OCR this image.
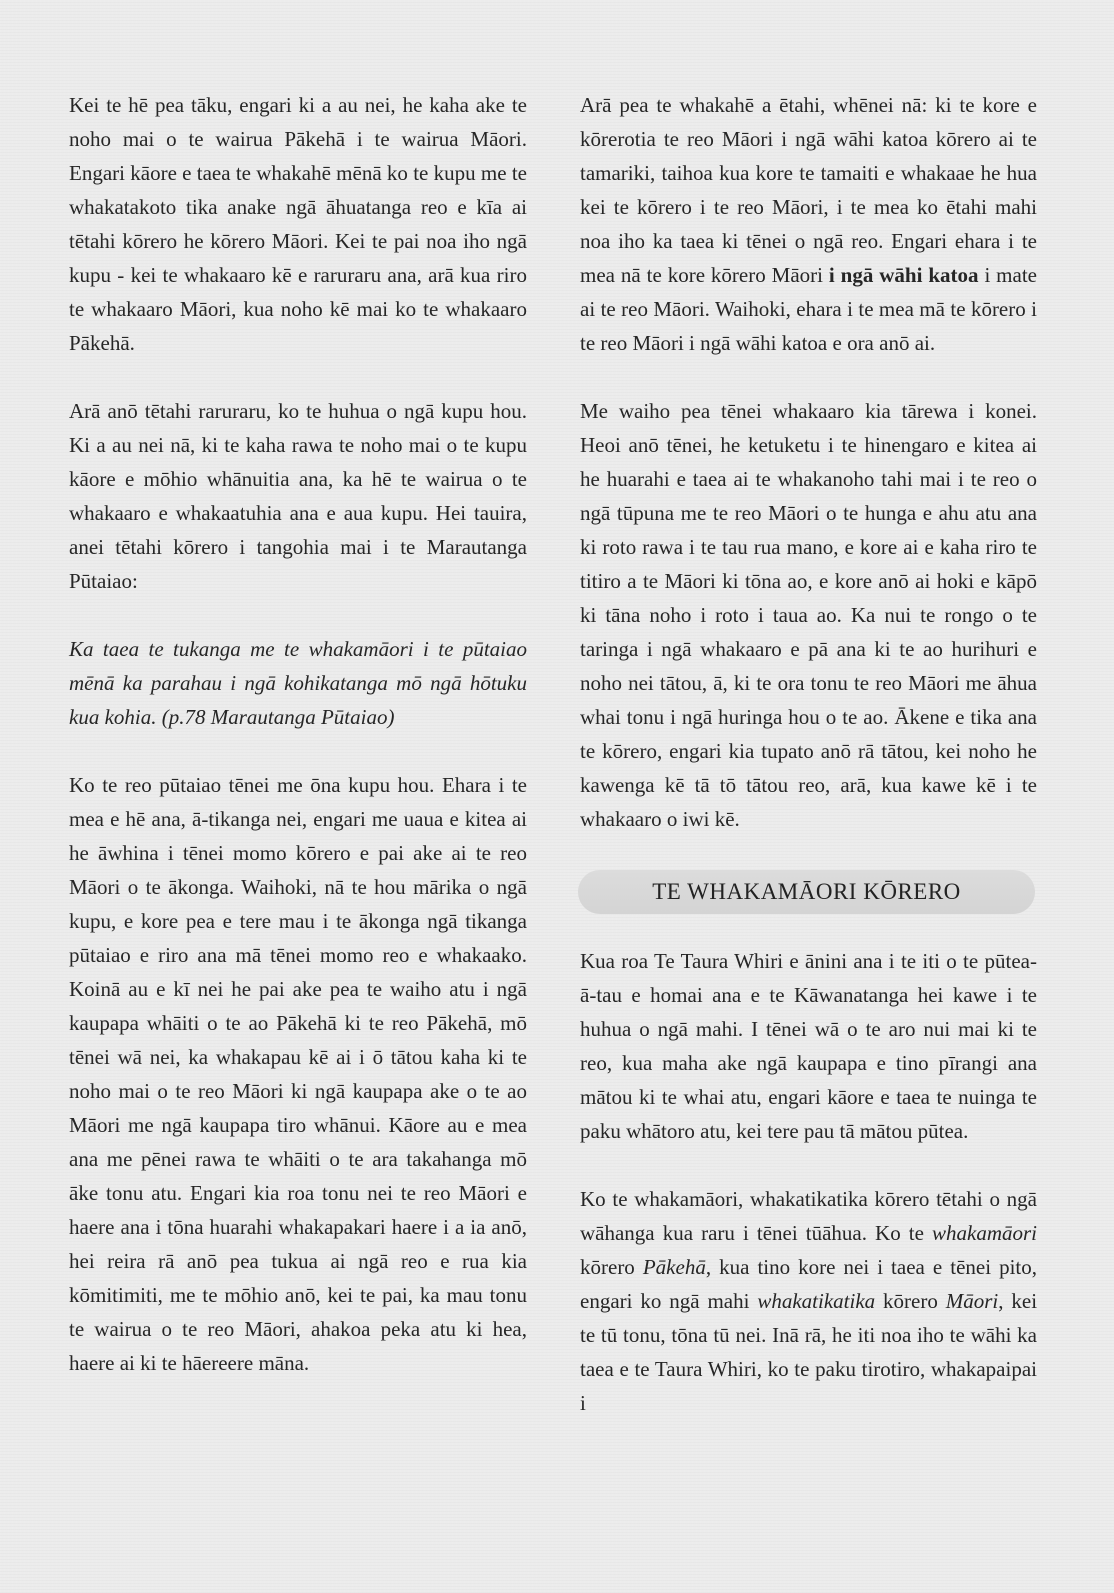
Kei te hē pea tāku, engari ki a au nei, he kaha ake te noho mai o te wairua Pākehā i te wairua Māori. Engari kāore e taea te whakahē mēnā ko te kupu me te whakatakoto tika anake ngā āhuatanga reo e kīa ai tētahi kōrero he kōrero Māori. Kei te pai noa iho ngā kupu - kei te whakaaro kē e raruraru ana, arā kua riro te whakaaro Māori, kua noho kē mai ko te whakaaro Pākehā.

Arā anō tētahi raruraru, ko te huhua o ngā kupu hou. Ki a au nei nā, ki te kaha rawa te noho mai o te kupu kāore e mōhio whānuitia ana, ka hē te wairua o te whakaaro e whakaatuhia ana e aua kupu. Hei tauira, anei tētahi kōrero i tangohia mai i te Marautanga Pūtaiao:

Ka taea te tukanga me te whakamāori i te pūtaiao mēnā ka parahau i ngā kohikatanga mō ngā hōtuku kua kohia. (p.78 Marautanga Pūtaiao)

Ko te reo pūtaiao tēnei me ōna kupu hou. Ehara i te mea e hē ana, ā-tikanga nei, engari me uaua e kitea ai he āwhina i tēnei momo kōrero e pai ake ai te reo Māori o te ākonga. Waihoki, nā te hou mārika o ngā kupu, e kore pea e tere mau i te ākonga ngā tikanga pūtaiao e riro ana mā tēnei momo reo e whakaako. Koinā au e kī nei he pai ake pea te waiho atu i ngā kaupapa whāiti o te ao Pākehā ki te reo Pākehā, mō tēnei wā nei, ka whakapau kē ai i ō tātou kaha ki te noho mai o te reo Māori ki ngā kaupapa ake o te ao Māori me ngā kaupapa tiro whānui. Kāore au e mea ana me pēnei rawa te whāiti o te ara takahanga mō āke tonu atu. Engari kia roa tonu nei te reo Māori e haere ana i tōna huarahi whakapakari haere i a ia anō, hei reira rā anō pea tukua ai ngā reo e rua kia kōmitimiti, me te mōhio anō, kei te pai, ka mau tonu te wairua o te reo Māori, ahakoa peka atu ki hea, haere ai ki te hāereere māna.

Arā pea te whakahē a ētahi, whēnei nā: ki te kore e kōrerotia te reo Māori i ngā wāhi katoa kōrero ai te tamariki, taihoa kua kore te tamaiti e whakaae he hua kei te kōrero i te reo Māori, i te mea ko ētahi mahi noa iho ka taea ki tēnei o ngā reo. Engari ehara i te mea nā te kore kōrero Māori i ngā wāhi katoa i mate ai te reo Māori. Waihoki, ehara i te mea mā te kōrero i te reo Māori i ngā wāhi katoa e ora anō ai.

Me waiho pea tēnei whakaaro kia tārewa i konei. Heoi anō tēnei, he ketuketu i te hinengaro e kitea ai he huarahi e taea ai te whakanoho tahi mai i te reo o ngā tūpuna me te reo Māori o te hunga e ahu atu ana ki roto rawa i te tau rua mano, e kore ai e kaha riro te titiro a te Māori ki tōna ao, e kore anō ai hoki e kāpō ki tāna noho i roto i taua ao. Ka nui te rongo o te taringa i ngā whakaaro e pā ana ki te ao hurihuri e noho nei tātou, ā, ki te ora tonu te reo Māori me āhua whai tonu i ngā huringa hou o te ao. Ākene e tika ana te kōrero, engari kia tupato anō rā tātou, kei noho he kawenga kē tā tō tātou reo, arā, kua kawe kē i te whakaaro o iwi kē.

TE WHAKAMĀORI KŌRERO

Kua roa Te Taura Whiri e ānini ana i te iti o te pūtea-ā-tau e homai ana e te Kāwanatanga hei kawe i te huhua o ngā mahi. I tēnei wā o te aro nui mai ki te reo, kua maha ake ngā kaupapa e tino pīrangi ana mātou ki te whai atu, engari kāore e taea te nuinga te paku whātoro atu, kei tere pau tā mātou pūtea.

Ko te whakamāori, whakatikatika kōrero tētahi o ngā wāhanga kua raru i tēnei tūāhua. Ko te whakamāori kōrero Pākehā, kua tino kore nei i taea e tēnei pito, engari ko ngā mahi whakatikatika kōrero Māori, kei te tū tonu, tōna tū nei. Inā rā, he iti noa iho te wāhi ka taea e te Taura Whiri, ko te paku tirotiro, whakapaipai i
